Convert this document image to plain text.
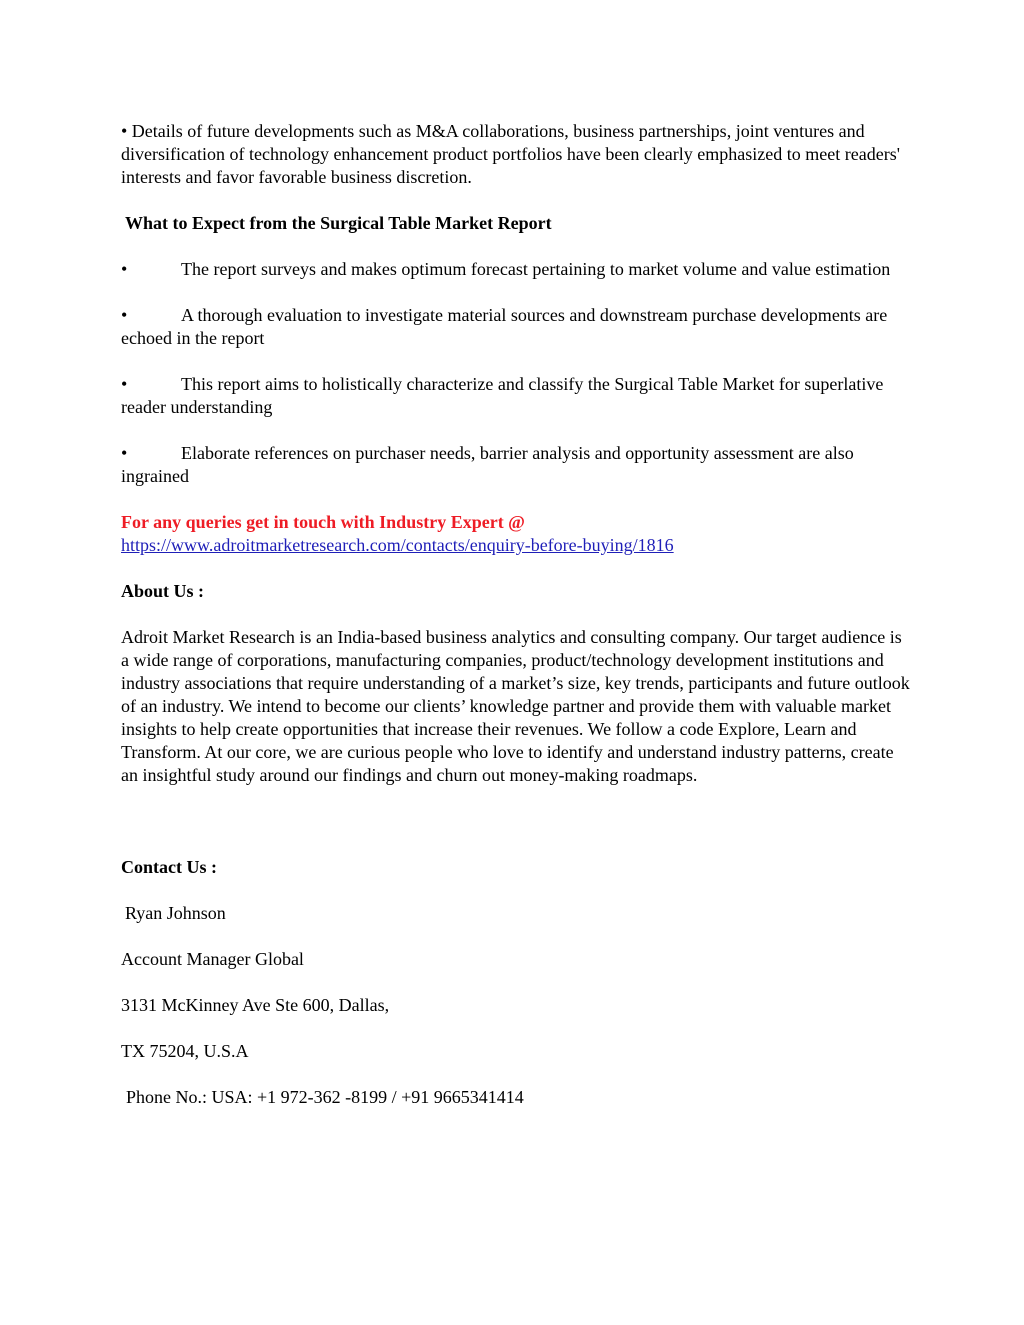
• Details of future developments such as M&A collaborations, business partnerships, joint ventures and diversification of technology enhancement product portfolios have been clearly emphasized to meet readers' interests and favor favorable business discretion.

What to Expect from the Surgical Table Market Report

•	The report surveys and makes optimum forecast pertaining to market volume and value estimation

•	A thorough evaluation to investigate material sources and downstream purchase developments are echoed in the report

•	This report aims to holistically characterize and classify the Surgical Table Market for superlative reader understanding

•	Elaborate references on purchaser needs, barrier analysis and opportunity assessment are also ingrained

For any queries get in touch with Industry Expert @

https://www.adroitmarketresearch.com/contacts/enquiry-before-buying/1816

About Us :

Adroit Market Research is an India-based business analytics and consulting company. Our target audience is a wide range of corporations, manufacturing companies, product/technology development institutions and industry associations that require understanding of a market’s size, key trends, participants and future outlook of an industry. We intend to become our clients’ knowledge partner and provide them with valuable market insights to help create opportunities that increase their revenues. We follow a code Explore, Learn and Transform. At our core, we are curious people who love to identify and understand industry patterns, create an insightful study around our findings and churn out money-making roadmaps.

Contact Us :

Ryan Johnson

Account Manager Global

3131 McKinney Ave Ste 600, Dallas,

TX 75204, U.S.A

Phone No.: USA: +1 972-362 -8199 / +91 9665341414
